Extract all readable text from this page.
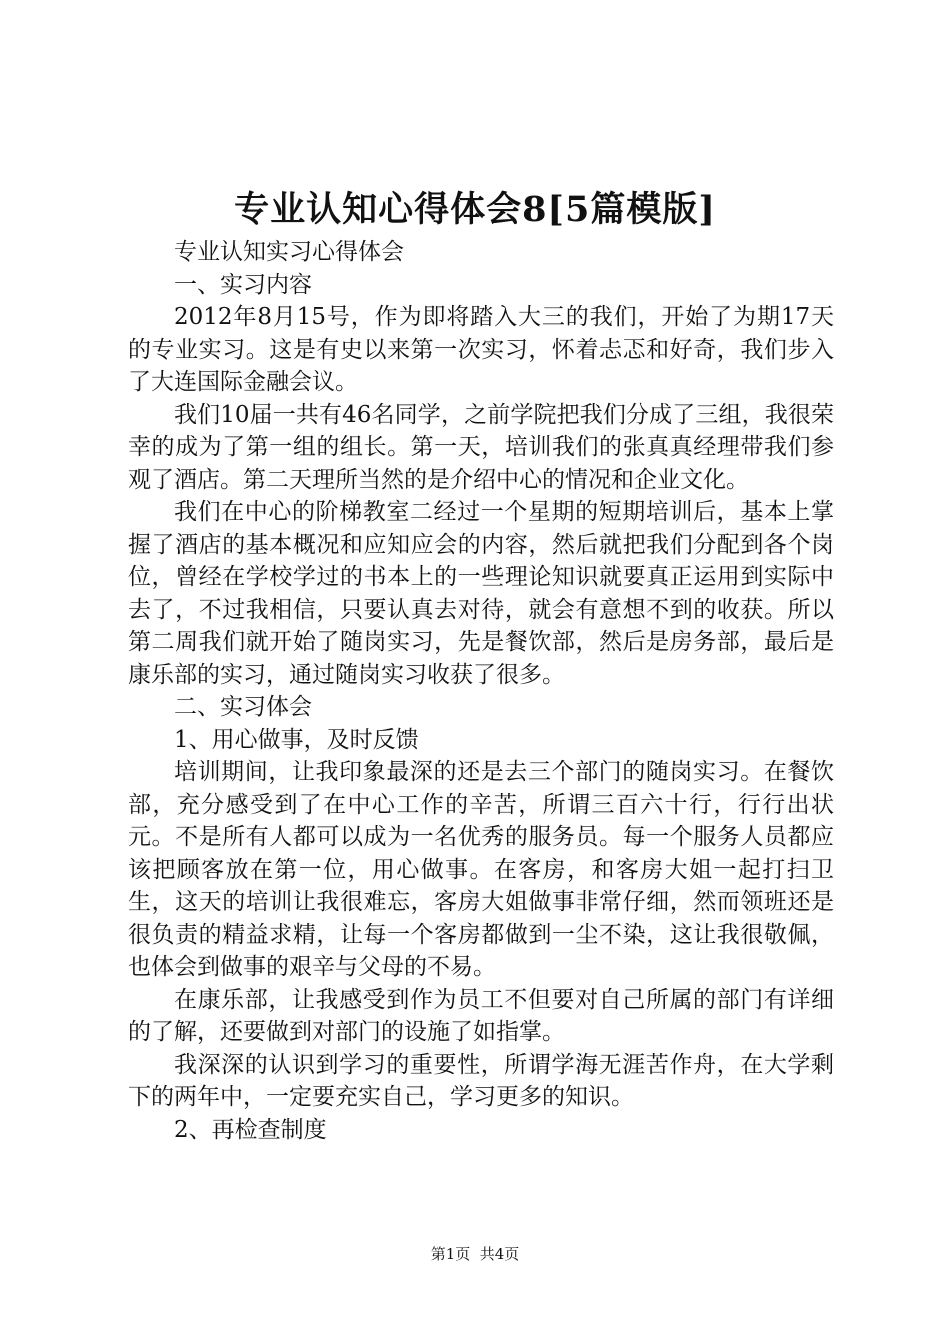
专业认知心得体会8[5篇模版]

专业认知实习心得体会

一、实习内容

2012年8月15号，作为即将踏入大三的我们，开始了为期17天的专业实习。这是有史以来第一次实习，怀着忐忑和好奇，我们步入了大连国际金融会议。

我们10届一共有46名同学，之前学院把我们分成了三组，我很荣幸的成为了第一组的组长。第一天，培训我们的张真真经理带我们参观了酒店。第二天理所当然的是介绍中心的情况和企业文化。

我们在中心的阶梯教室二经过一个星期的短期培训后，基本上掌握了酒店的基本概况和应知应会的内容，然后就把我们分配到各个岗位，曾经在学校学过的书本上的一些理论知识就要真正运用到实际中去了，不过我相信，只要认真去对待，就会有意想不到的收获。所以第二周我们就开始了随岗实习，先是餐饮部，然后是房务部，最后是康乐部的实习，通过随岗实习收获了很多。

二、实习体会

1、用心做事，及时反馈

培训期间，让我印象最深的还是去三个部门的随岗实习。在餐饮部，充分感受到了在中心工作的辛苦，所谓三百六十行，行行出状元。不是所有人都可以成为一名优秀的服务员。每一个服务人员都应该把顾客放在第一位，用心做事。在客房，和客房大姐一起打扫卫生，这天的培训让我很难忘，客房大姐做事非常仔细，然而领班还是很负责的精益求精，让每一个客房都做到一尘不染，这让我很敬佩，也体会到做事的艰辛与父母的不易。

在康乐部，让我感受到作为员工不但要对自己所属的部门有详细的了解，还要做到对部门的设施了如指掌。

我深深的认识到学习的重要性，所谓学海无涯苦作舟，在大学剩下的两年中，一定要充实自己，学习更多的知识。

2、再检查制度

第1页  共4页
